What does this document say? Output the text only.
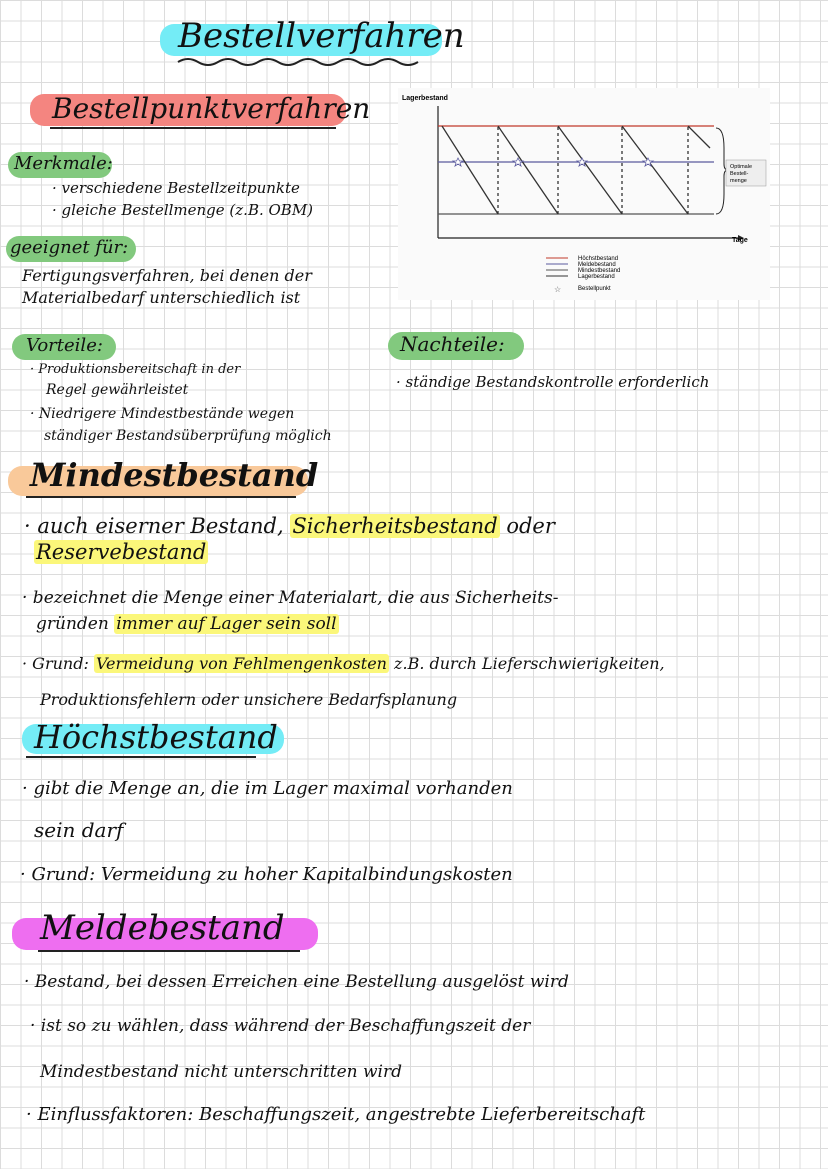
Bestellverfahren
Bestellpunktverfahren
Merkmale:
· verschiedene Bestellzeitpunkte
· gleiche Bestellmenge (z.B. OBM)
geeignet für:
Fertigungsverfahren, bei denen der
Materialbedarf unterschiedlich ist
Vorteile:
· Produktionsbereitschaft in der
Regel gewährleistet
· Niedrigere Mindestbestände wegen
ständiger Bestandsüberprüfung möglich
Nachteile:
· ständige Bestandskontrolle erforderlich
Lagerbestand
Tage
Optimale Bestell- menge
Höchstbestand
Meldebestand
Mindestbestand
Lagerbestand
☆	Bestellpunkt
Mindestbestand
· auch eiserner Bestand, Sicherheitsbestand oder
Reservebestand
· bezeichnet die Menge einer Materialart, die aus Sicherheits-
gründen immer auf Lager sein soll
· Grund: Vermeidung von Fehlmengenkosten z.B. durch Lieferschwierigkeiten,
Produktionsfehlern oder unsichere Bedarfsplanung
Höchstbestand
· gibt die Menge an, die im Lager maximal vorhanden
sein darf
· Grund: Vermeidung zu hoher Kapitalbindungskosten
Meldebestand
· Bestand, bei dessen Erreichen eine Bestellung ausgelöst wird
· ist so zu wählen, dass während der Beschaffungszeit der
Mindestbestand nicht unterschritten wird
· Einflussfaktoren: Beschaffungszeit, angestrebte Lieferbereitschaft
